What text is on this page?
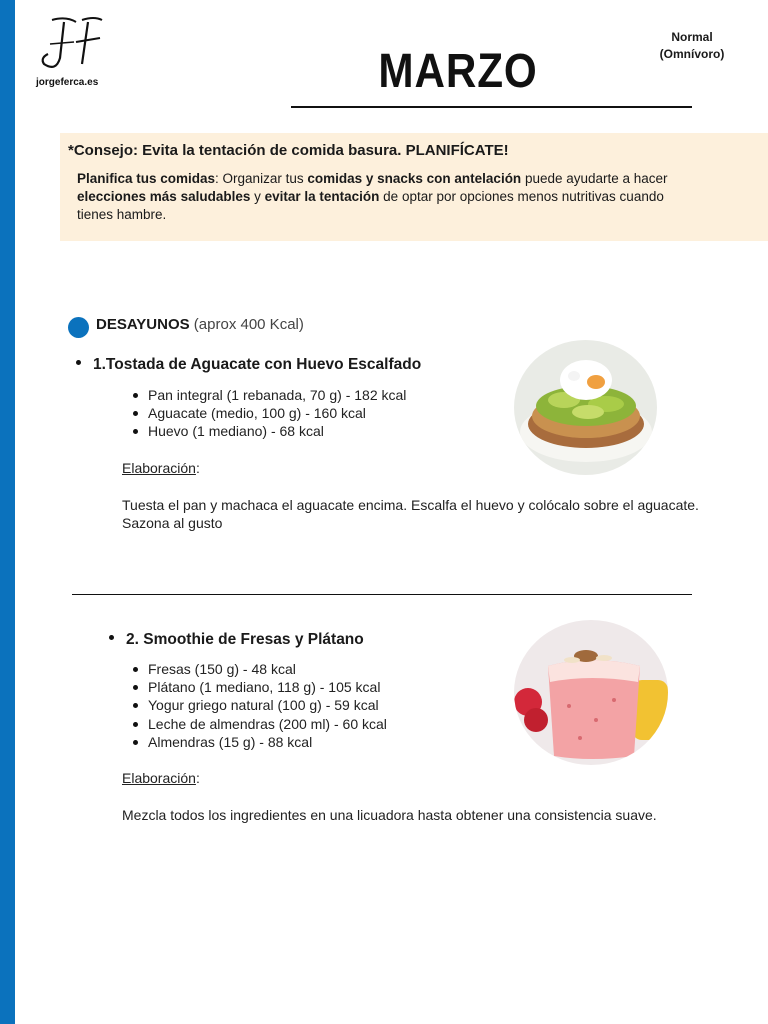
jorgeferca.es
Normal
(Omnívoro)
MARZO
*Consejo: Evita la tentación de comida basura. PLANIFÍCATE!
Planifica tus comidas: Organizar tus comidas y snacks con antelación puede ayudarte a hacer elecciones más saludables y evitar la tentación de optar por opciones menos nutritivas cuando tienes hambre.
DESAYUNOS (aprox 400 Kcal)
1.Tostada de Aguacate con Huevo Escalfado
Pan integral (1 rebanada, 70 g) - 182 kcal
Aguacate (medio, 100 g) - 160 kcal
Huevo (1 mediano) - 68 kcal
Elaboración:
Tuesta el pan y machaca el aguacate encima. Escalfa el huevo y colócalo sobre el aguacate. Sazona al gusto
2. Smoothie de Fresas y Plátano
Fresas (150 g) - 48 kcal
Plátano (1 mediano, 118 g) - 105 kcal
Yogur griego natural (100 g) - 59 kcal
Leche de almendras (200 ml) - 60 kcal
Almendras (15 g) - 88 kcal
Elaboración:
Mezcla todos los ingredientes en una licuadora hasta obtener una consistencia suave.
